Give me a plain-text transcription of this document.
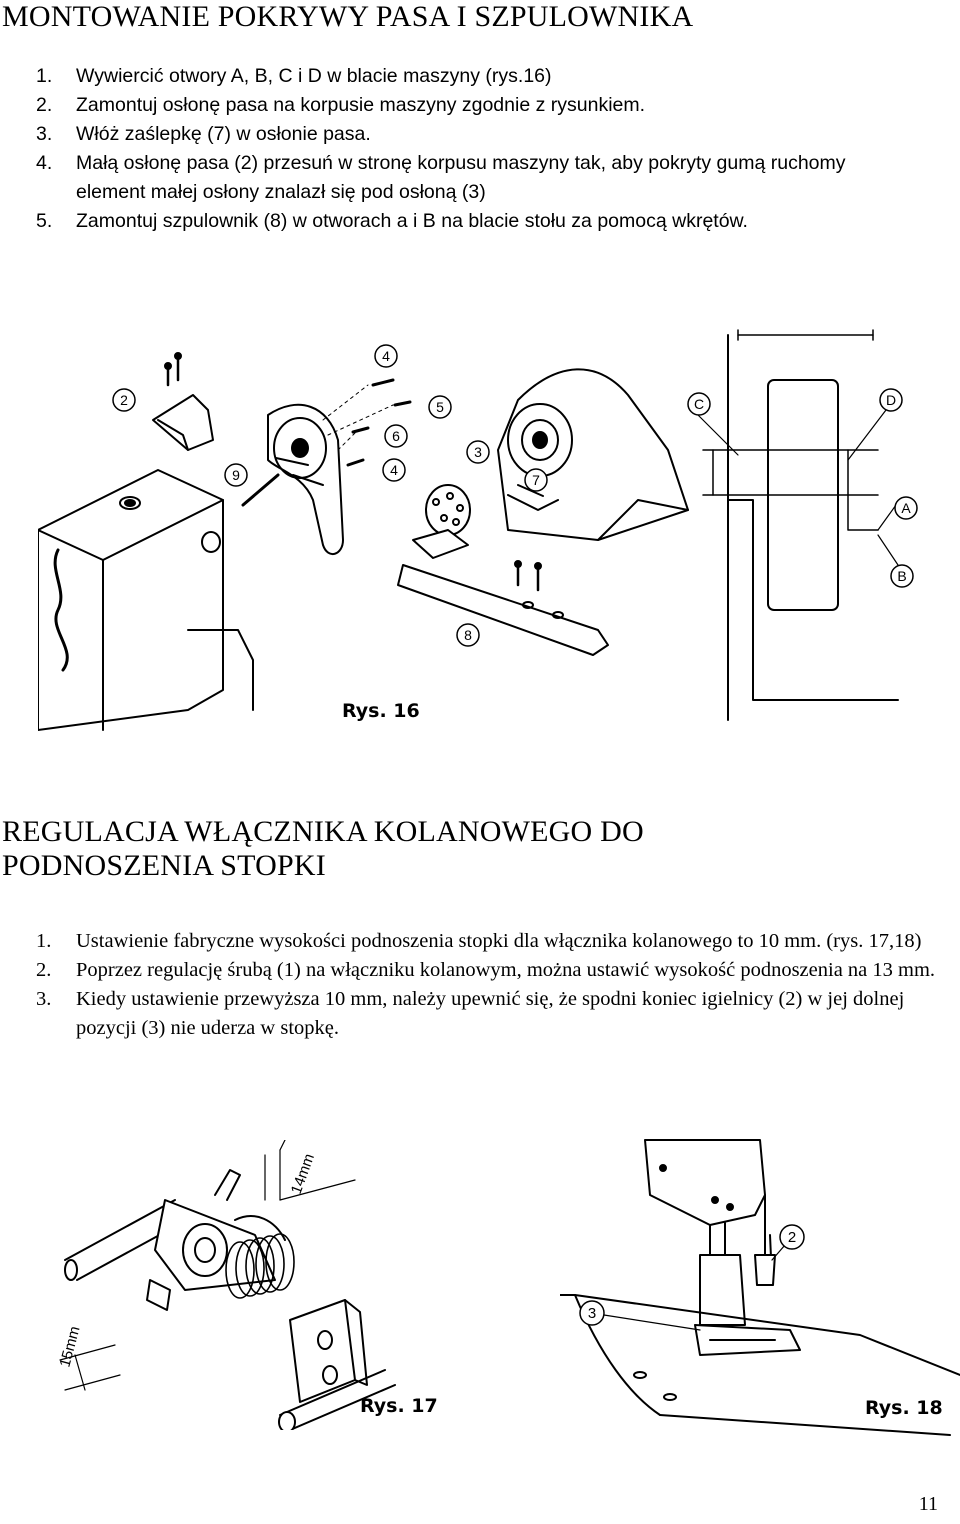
MONTOWANIE POKRYWY PASA I SZPULOWNIKA
1. Wywiercić otwory A, B, C i D w blacie maszyny (rys.16)
2. Zamontuj osłonę pasa na korpusie maszyny zgodnie z rysunkiem.
3. Włóż zaślepkę (7) w osłonie pasa.
4. Małą osłonę pasa (2) przesuń w stronę korpusu maszyny tak, aby pokryty gumą ruchomy element małej osłony znalazł się pod osłoną (3)
5. Zamontuj szpulownik (8) w otworach a i B na blacie stołu za pomocą wkrętów.
2
4
5
6
4
9
3
7
8
C	D
A
B
Rys. 16
REGULACJA WŁĄCZNIKA KOLANOWEGO DO PODNOSZENIA STOPKI
1. Ustawienie fabryczne wysokości podnoszenia stopki dla włącznika kolanowego to 10 mm. (rys. 17,18)
2. Poprzez regulację śrubą (1) na włączniku kolanowym, można ustawić wysokość podnoszenia na 13 mm.
3. Kiedy ustawienie przewyższa 10 mm, należy upewnić się, że spodni koniec igielnicy (2) w jej dolnej pozycji (3) nie uderza w stopkę.
14mm
15mm
Rys. 17
3
2
Rys. 18
11
